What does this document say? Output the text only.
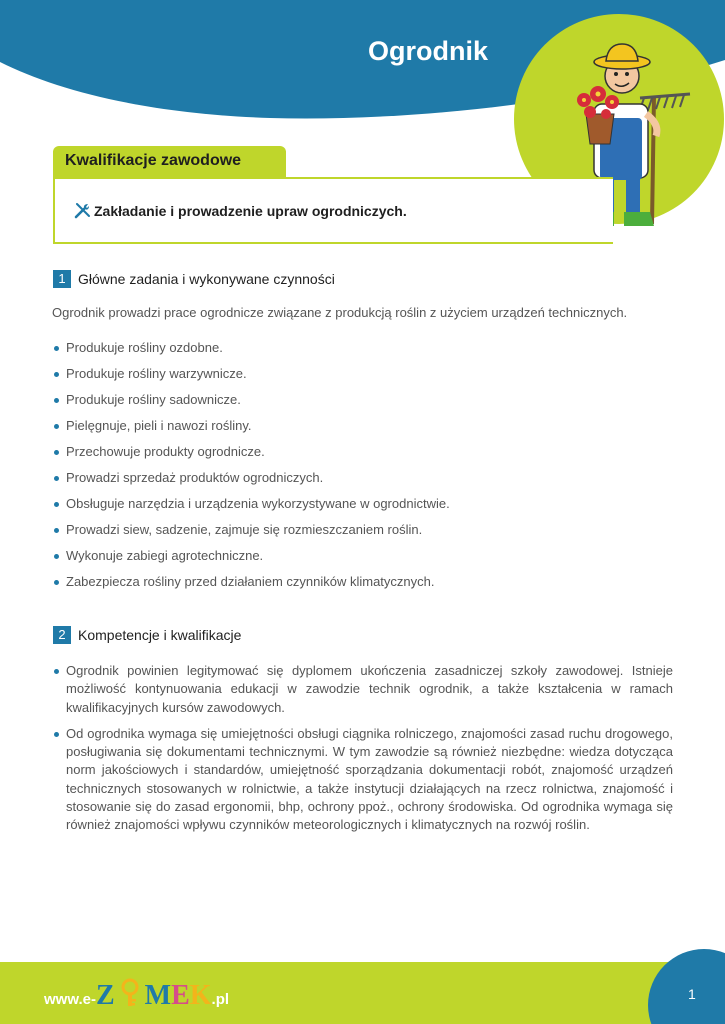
Ogrodnik
Kwalifikacje zawodowe
Zakładanie i prowadzenie upraw ogrodniczych.
1 Główne zadania i wykonywane czynności
Ogrodnik prowadzi prace ogrodnicze związane z produkcją roślin z użyciem urządzeń technicznych.
Produkuje rośliny ozdobne.
Produkuje rośliny warzywnicze.
Produkuje rośliny sadownicze.
Pielęgnuje, pieli i nawozi rośliny.
Przechowuje produkty ogrodnicze.
Prowadzi sprzedaż produktów ogrodniczych.
Obsługuje narzędzia i urządzenia wykorzystywane w ogrodnictwie.
Prowadzi siew, sadzenie, zajmuje się rozmieszczaniem roślin.
Wykonuje zabiegi agrotechniczne.
Zabezpiecza rośliny przed działaniem czynników klimatycznych.
2 Kompetencje i kwalifikacje
Ogrodnik powinien legitymować się dyplomem ukończenia zasadniczej szkoły zawodowej. Istnieje możliwość kontynuowania edukacji w zawodzie technik ogrodnik, a także kształcenia w ramach kwalifikacyjnych kursów zawodowych.
Od ogrodnika wymaga się umiejętności obsługi ciągnika rolniczego, znajomości zasad ruchu drogowego, posługiwania się dokumentami technicznymi. W tym zawodzie są również niezbędne: wiedza dotycząca norm jakościowych i standardów, umiejętność sporządzania dokumentacji robót, znajomość urządzeń technicznych stosowanych w rolnictwie, a także instytucji działających na rzecz rolnictwa, znajomość i stosowanie się do zasad ergonomii, bhp, ochrony ppoż., ochrony środowiska. Od ogrodnika wymaga się również znajomości wpływu czynników meteorologicznych i klimatycznych na rozwój roślin.
1
www.e-Z MEK.pl
